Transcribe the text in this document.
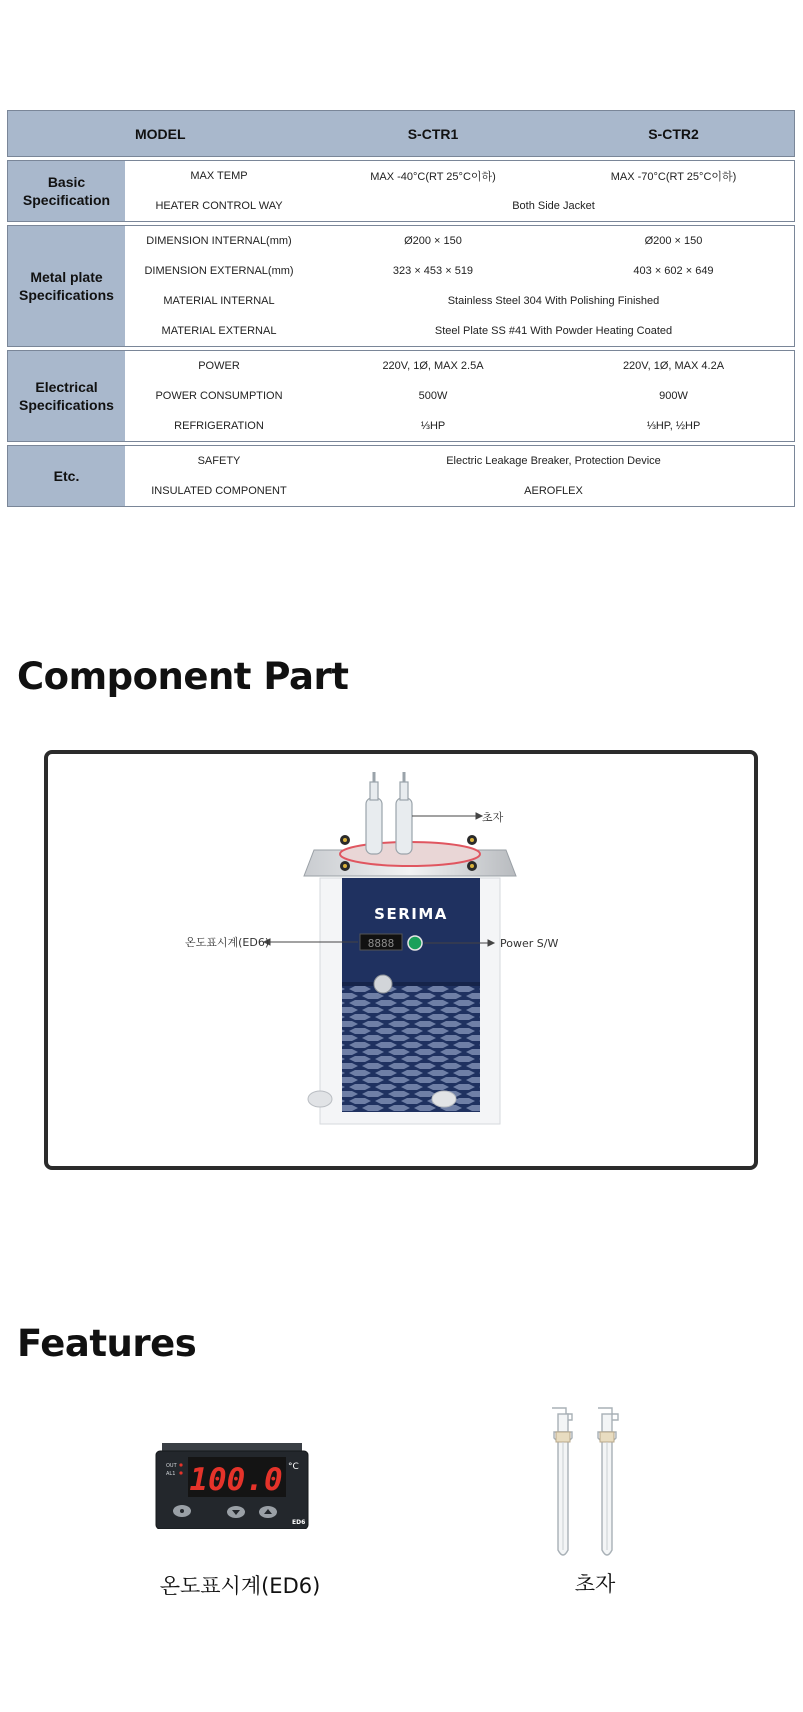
MODEL	S-CTR1	S-CTR2
Basic
Specification
MAX TEMP	MAX -40°C(RT 25°C이하)	MAX -70°C(RT 25°C이하)
HEATER CONTROL WAY	Both Side Jacket
Metal plate
Specifications
DIMENSION INTERNAL(mm)	Ø200 × 150	Ø200 × 150
DIMENSION EXTERNAL(mm)	323 × 453 × 519	403 × 602 × 649
MATERIAL INTERNAL	Stainless Steel 304 With Polishing Finished
MATERIAL EXTERNAL	Steel Plate SS #41 With Powder Heating Coated
Electrical
Specifications
POWER	220V, 1Ø, MAX 2.5A	220V, 1Ø, MAX 4.2A
POWER CONSUMPTION	500W	900W
REFRIGERATION	⅓HP	⅓HP, ½HP
Etc.
SAFETY	Electric Leakage Breaker, Protection Device
INSULATED COMPONENT	AEROFLEX
Component Part
SERIMA
8888
초자
Power S/W
온도표시계(ED6)
Features
OUT
AL1 100.0 °C
ED6
온도표시계(ED6)	초자
